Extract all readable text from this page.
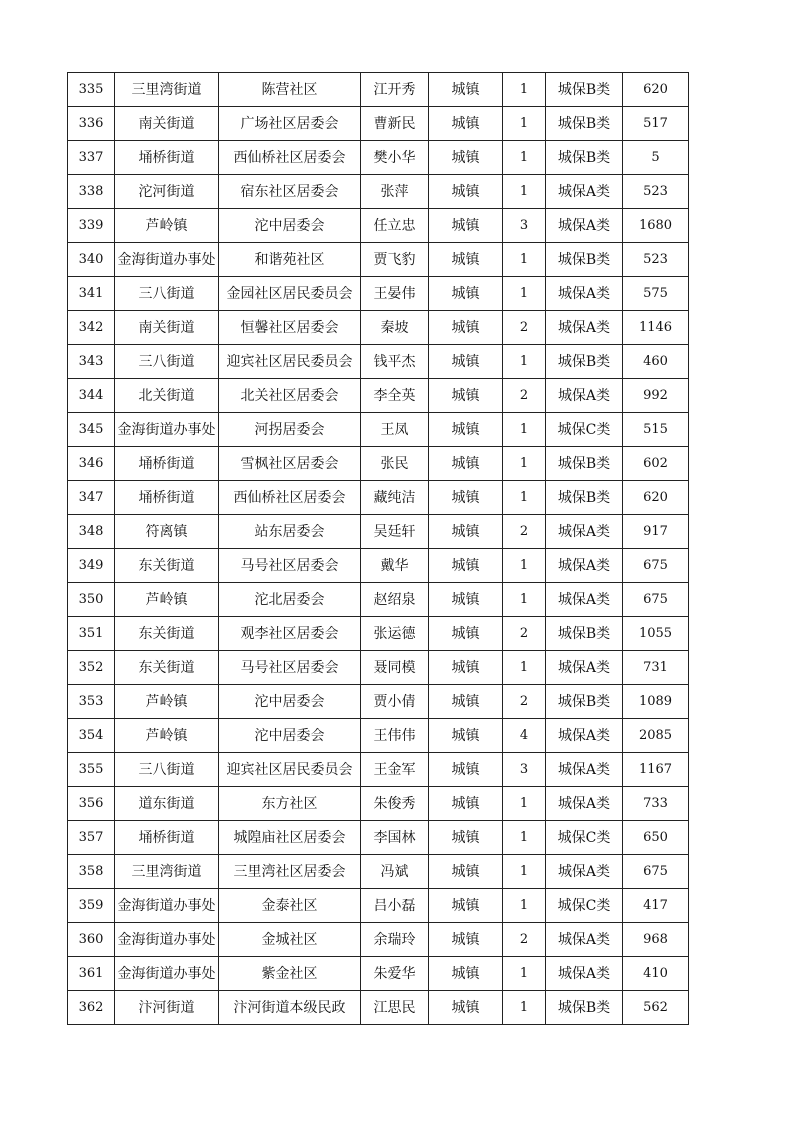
335	三里湾街道	陈营社区	江开秀	城镇	1	城保B类	620
336	南关街道	广场社区居委会	曹新民	城镇	1	城保B类	517
337	埇桥街道	西仙桥社区居委会	樊小华	城镇	1	城保B类	5
338	沱河街道	宿东社区居委会	张萍	城镇	1	城保A类	523
339	芦岭镇	沱中居委会	任立忠	城镇	3	城保A类	1680
340	金海街道办事处	和谐苑社区	贾飞豹	城镇	1	城保B类	523
341	三八街道	金园社区居民委员会	王晏伟	城镇	1	城保A类	575
342	南关街道	恒馨社区居委会	秦坡	城镇	2	城保A类	1146
343	三八街道	迎宾社区居民委员会	钱平杰	城镇	1	城保B类	460
344	北关街道	北关社区居委会	李全英	城镇	2	城保A类	992
345	金海街道办事处	河拐居委会	王凤	城镇	1	城保C类	515
346	埇桥街道	雪枫社区居委会	张民	城镇	1	城保B类	602
347	埇桥街道	西仙桥社区居委会	藏纯洁	城镇	1	城保B类	620
348	符离镇	站东居委会	吴廷轩	城镇	2	城保A类	917
349	东关街道	马号社区居委会	戴华	城镇	1	城保A类	675
350	芦岭镇	沱北居委会	赵绍泉	城镇	1	城保A类	675
351	东关街道	观李社区居委会	张运德	城镇	2	城保B类	1055
352	东关街道	马号社区居委会	聂同模	城镇	1	城保A类	731
353	芦岭镇	沱中居委会	贾小倩	城镇	2	城保B类	1089
354	芦岭镇	沱中居委会	王伟伟	城镇	4	城保A类	2085
355	三八街道	迎宾社区居民委员会	王金军	城镇	3	城保A类	1167
356	道东街道	东方社区	朱俊秀	城镇	1	城保A类	733
357	埇桥街道	城隍庙社区居委会	李国林	城镇	1	城保C类	650
358	三里湾街道	三里湾社区居委会	冯斌	城镇	1	城保A类	675
359	金海街道办事处	金泰社区	吕小磊	城镇	1	城保C类	417
360	金海街道办事处	金城社区	余瑞玲	城镇	2	城保A类	968
361	金海街道办事处	紫金社区	朱爱华	城镇	1	城保A类	410
362	汴河街道	汴河街道本级民政	江思民	城镇	1	城保B类	562
